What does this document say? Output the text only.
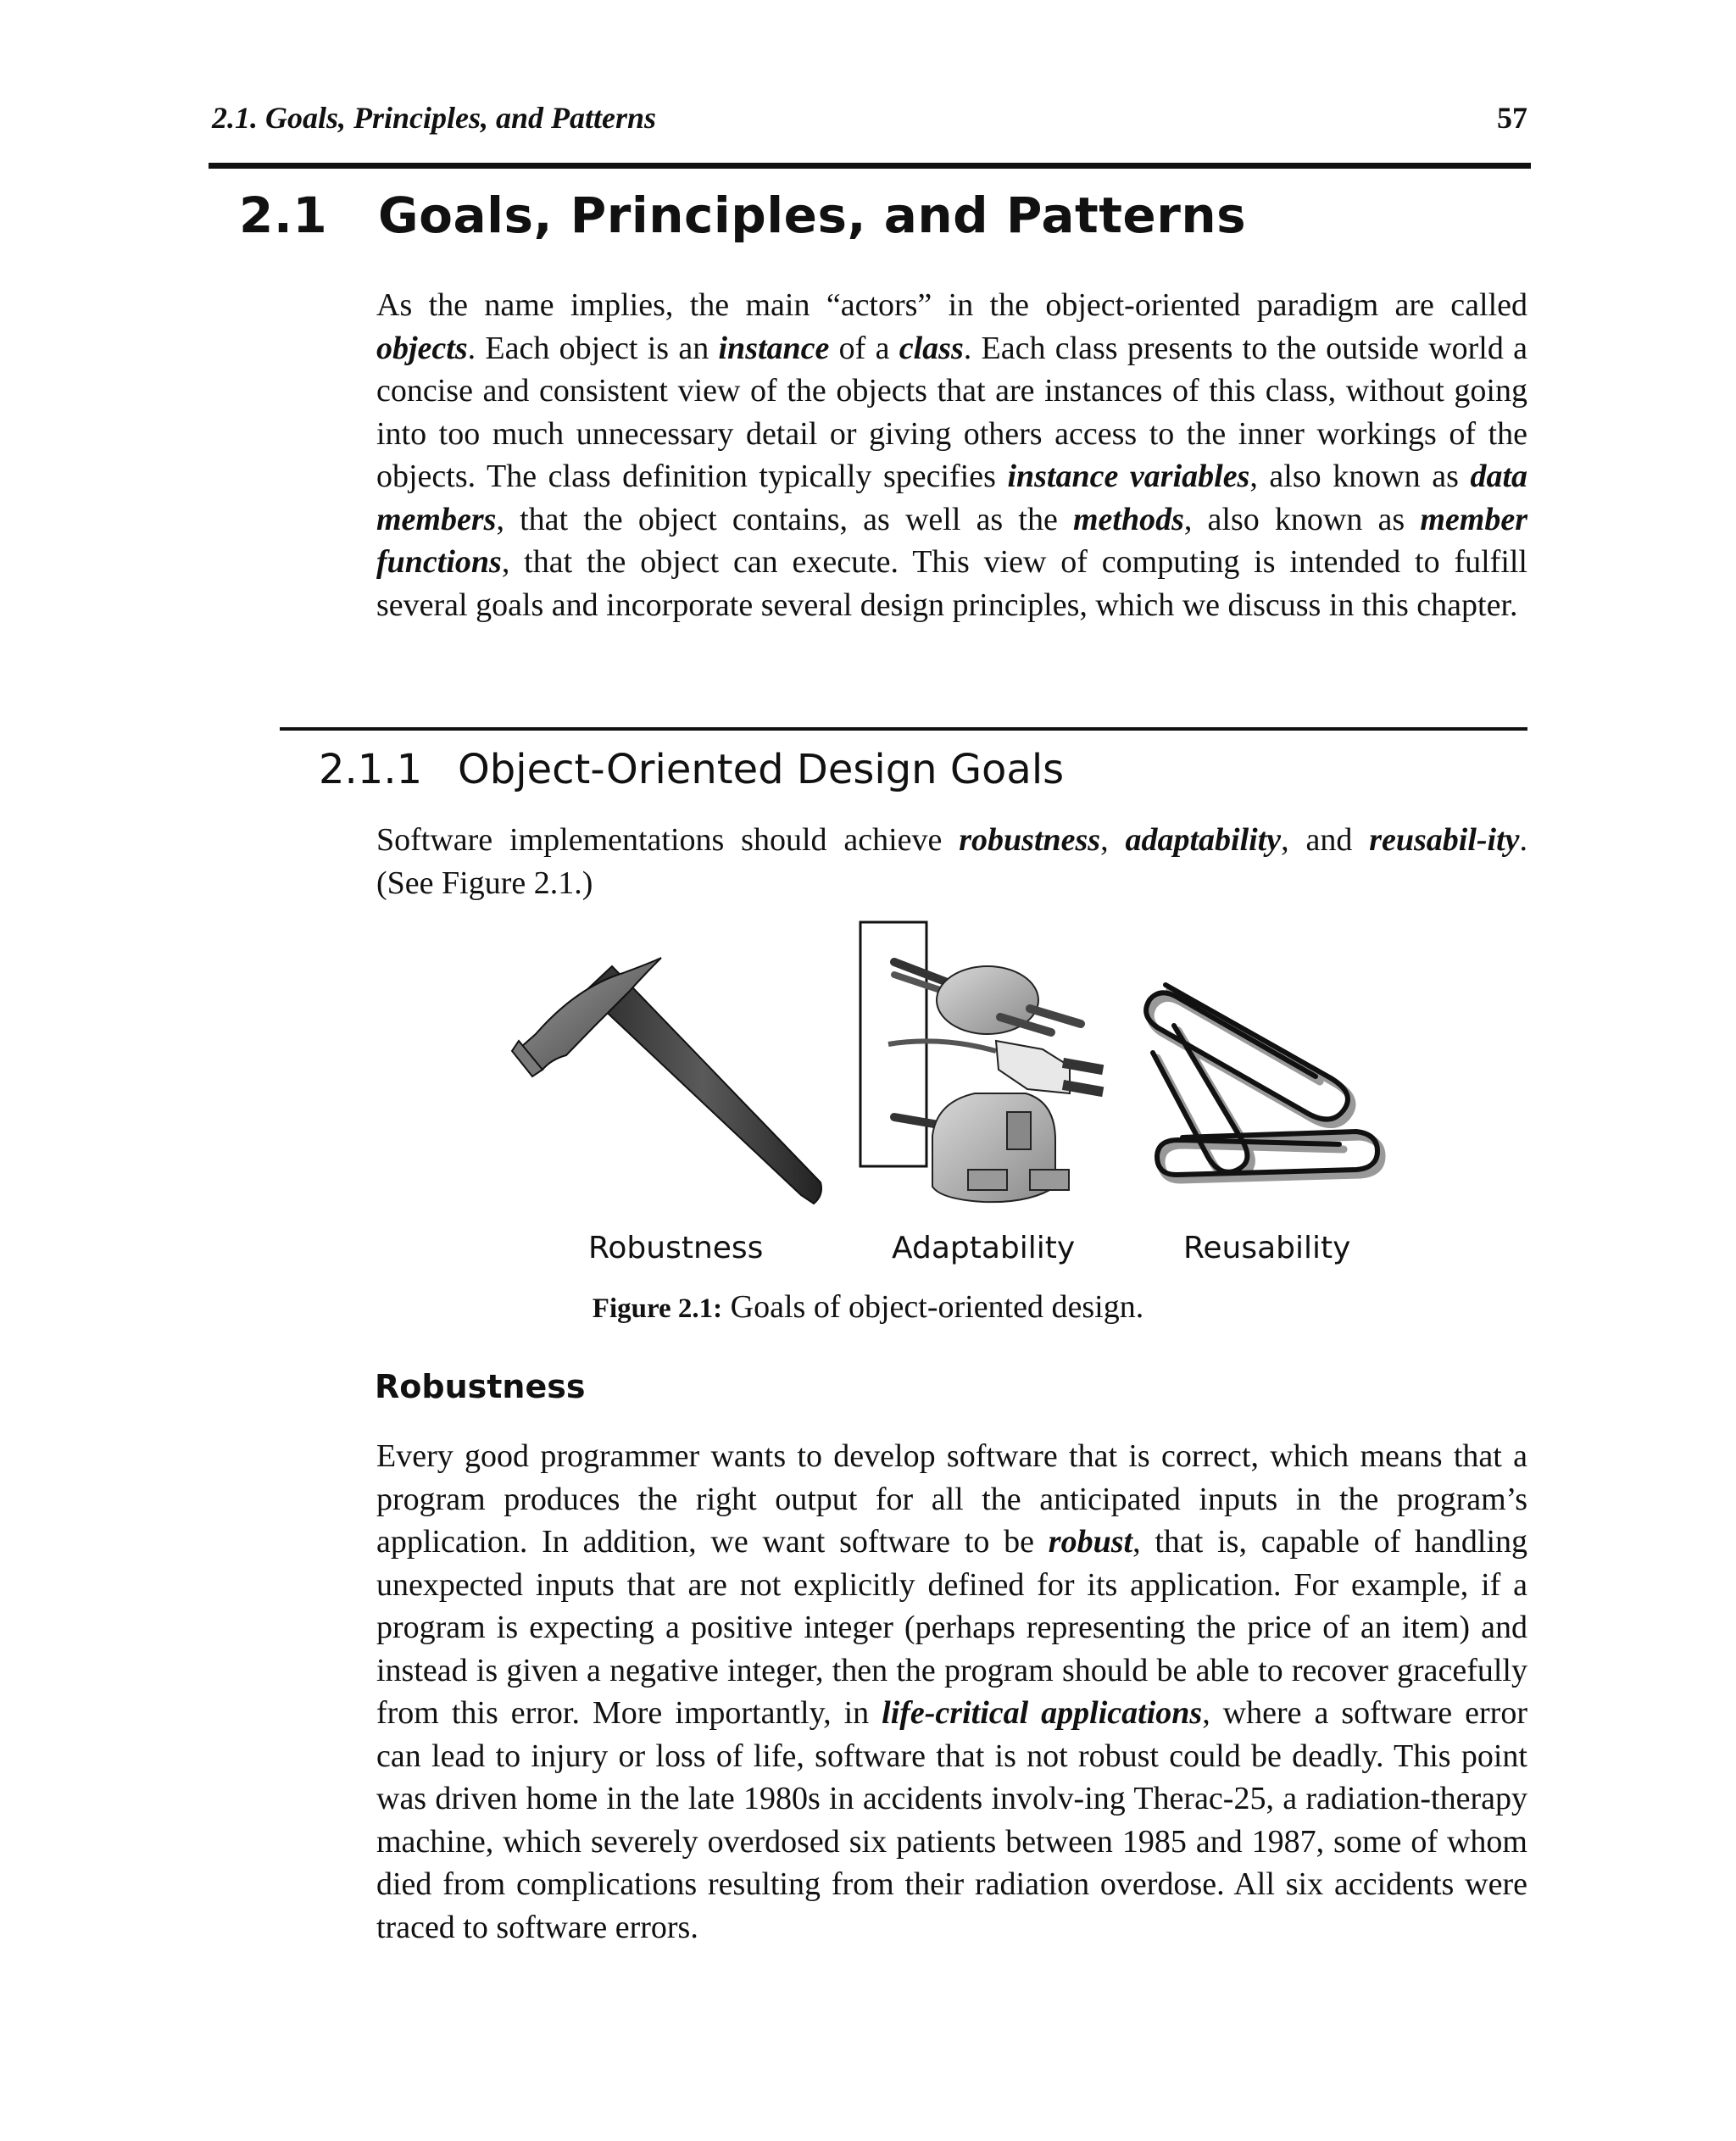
2.1. Goals, Principles, and Patterns	57
2.1 Goals, Principles, and Patterns

As the name implies, the main “actors” in the object-oriented paradigm are called objects. Each object is an instance of a class. Each class presents to the outside world a concise and consistent view of the objects that are instances of this class, without going into too much unnecessary detail or giving others access to the inner workings of the objects. The class definition typically specifies instance variables, also known as data members, that the object contains, as well as the methods, also known as member functions, that the object can execute. This view of computing is intended to fulfill several goals and incorporate several design principles, which we discuss in this chapter.

2.1.1 Object-Oriented Design Goals

Software implementations should achieve robustness, adaptability, and reusabil-ity. (See Figure 2.1.)

Robustness	Adaptability	Reusability
Figure 2.1: Goals of object-oriented design.
Robustness

Every good programmer wants to develop software that is correct, which means that a program produces the right output for all the anticipated inputs in the program’s application. In addition, we want software to be robust, that is, capable of handling unexpected inputs that are not explicitly defined for its application. For example, if a program is expecting a positive integer (perhaps representing the price of an item) and instead is given a negative integer, then the program should be able to recover gracefully from this error. More importantly, in life-critical applications, where a software error can lead to injury or loss of life, software that is not robust could be deadly. This point was driven home in the late 1980s in accidents involv-ing Therac-25, a radiation-therapy machine, which severely overdosed six patients between 1985 and 1987, some of whom died from complications resulting from their radiation overdose. All six accidents were traced to software errors.
